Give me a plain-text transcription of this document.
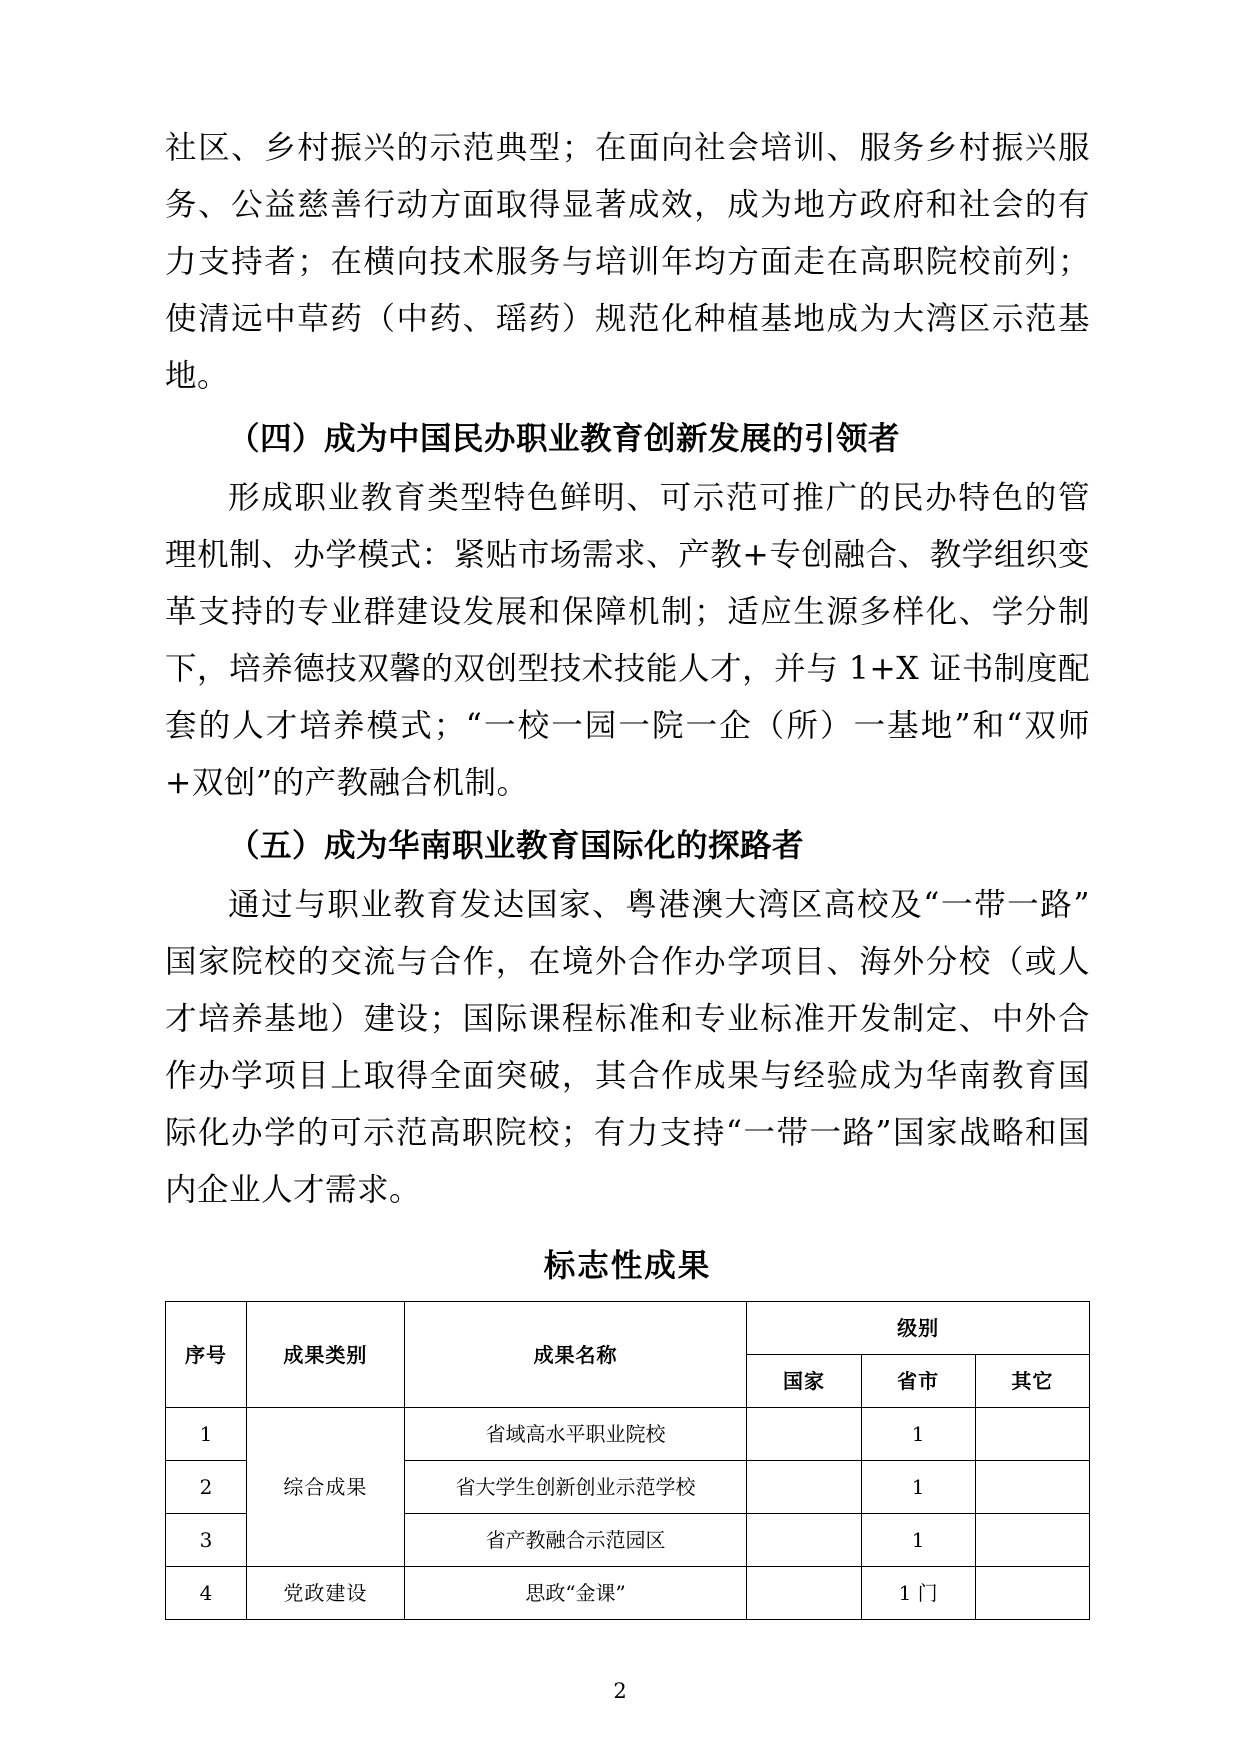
社区、乡村振兴的示范典型；在面向社会培训、服务乡村振兴服务、公益慈善行动方面取得显著成效，成为地方政府和社会的有力支持者；在横向技术服务与培训年均方面走在高职院校前列；使清远中草药（中药、瑶药）规范化种植基地成为大湾区示范基地。

（四）成为中国民办职业教育创新发展的引领者

形成职业教育类型特色鲜明、可示范可推广的民办特色的管理机制、办学模式：紧贴市场需求、产教+专创融合、教学组织变革支持的专业群建设发展和保障机制；适应生源多样化、学分制下，培养德技双馨的双创型技术技能人才，并与 1+X 证书制度配套的人才培养模式；“一校一园一院一企（所）一基地”和“双师+双创”的产教融合机制。

（五）成为华南职业教育国际化的探路者

通过与职业教育发达国家、粤港澳大湾区高校及“一带一路”国家院校的交流与合作，在境外合作办学项目、海外分校（或人才培养基地）建设；国际课程标准和专业标准开发制定、中外合作办学项目上取得全面突破，其合作成果与经验成为华南教育国际化办学的可示范高职院校；有力支持“一带一路”国家战略和国内企业人才需求。

标志性成果
序号	成果类别	成果名称	级别		
			国家	省市	其它
1	综合成果	省域高水平职业院校		1	
2		省大学生创新创业示范学校		1	
3		省产教融合示范园区		1	
4	党政建设	思政“金课”		1 门	
2
